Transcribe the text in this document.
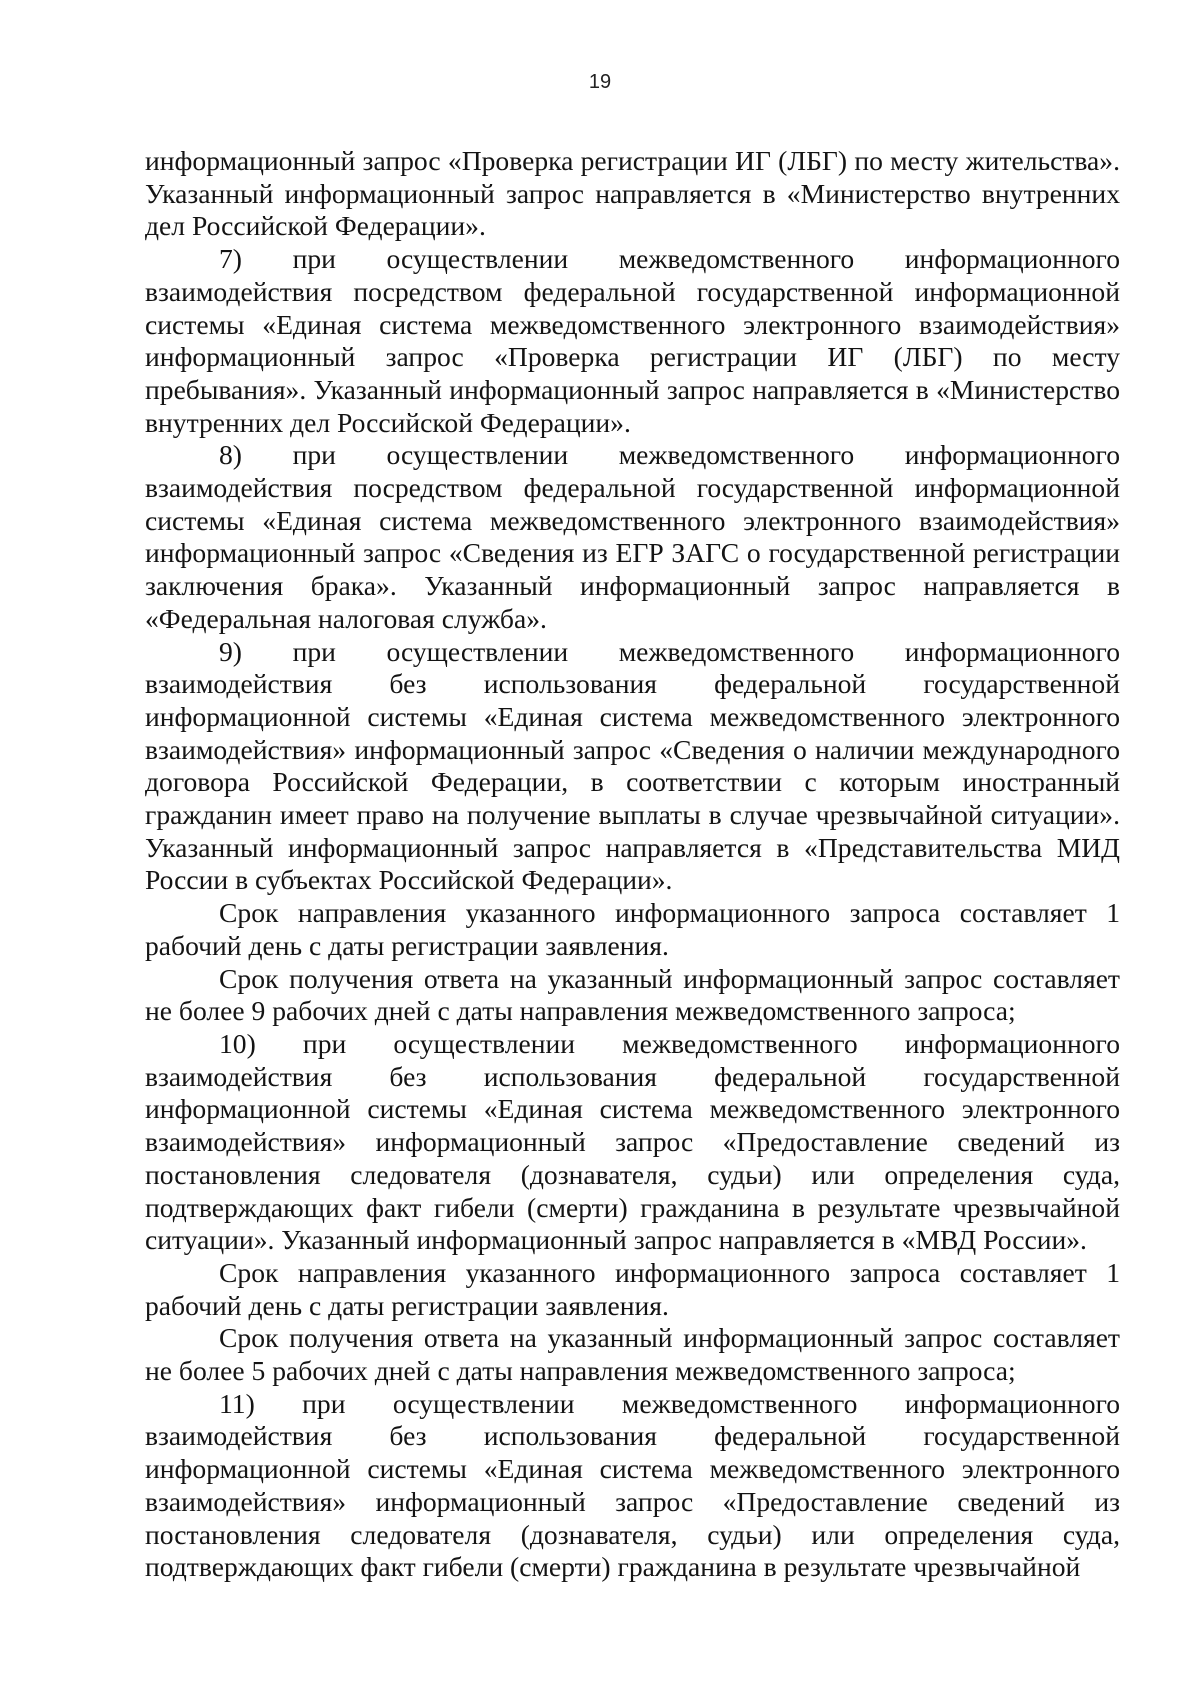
19

информационный запрос «Проверка регистрации ИГ (ЛБГ) по месту жительства». Указанный информационный запрос направляется в «Министерство внутренних дел Российской Федерации».

7) при осуществлении межведомственного информационного взаимодействия посредством федеральной государственной информационной системы «Единая система межведомственного электронного взаимодействия» информационный запрос «Проверка регистрации ИГ (ЛБГ) по месту пребывания». Указанный информационный запрос направляется в «Министерство внутренних дел Российской Федерации».

8) при осуществлении межведомственного информационного взаимодействия посредством федеральной государственной информационной системы «Единая система межведомственного электронного взаимодействия» информационный запрос «Сведения из ЕГР ЗАГС о государственной регистрации заключения брака». Указанный информационный запрос направляется в «Федеральная налоговая служба».

9) при осуществлении межведомственного информационного взаимодействия без использования федеральной государственной информационной системы «Единая система межведомственного электронного взаимодействия» информационный запрос «Сведения о наличии международного договора Российской Федерации, в соответствии с которым иностранный гражданин имеет право на получение выплаты в случае чрезвычайной ситуации». Указанный информационный запрос направляется в «Представительства МИД России в субъектах Российской Федерации».

Срок направления указанного информационного запроса составляет 1 рабочий день с даты регистрации заявления.

Срок получения ответа на указанный информационный запрос составляет не более 9 рабочих дней с даты направления межведомственного запроса;

10) при осуществлении межведомственного информационного взаимодействия без использования федеральной государственной информационной системы «Единая система межведомственного электронного взаимодействия» информационный запрос «Предоставление сведений из постановления следователя (дознавателя, судьи) или определения суда, подтверждающих факт гибели (смерти) гражданина в результате чрезвычайной ситуации». Указанный информационный запрос направляется в «МВД России».

Срок направления указанного информационного запроса составляет 1 рабочий день с даты регистрации заявления.

Срок получения ответа на указанный информационный запрос составляет не более 5 рабочих дней с даты направления межведомственного запроса;

11) при осуществлении межведомственного информационного взаимодействия без использования федеральной государственной информационной системы «Единая система межведомственного электронного взаимодействия» информационный запрос «Предоставление сведений из постановления следователя (дознавателя, судьи) или определения суда, подтверждающих факт гибели (смерти) гражданина в результате чрезвычайной
